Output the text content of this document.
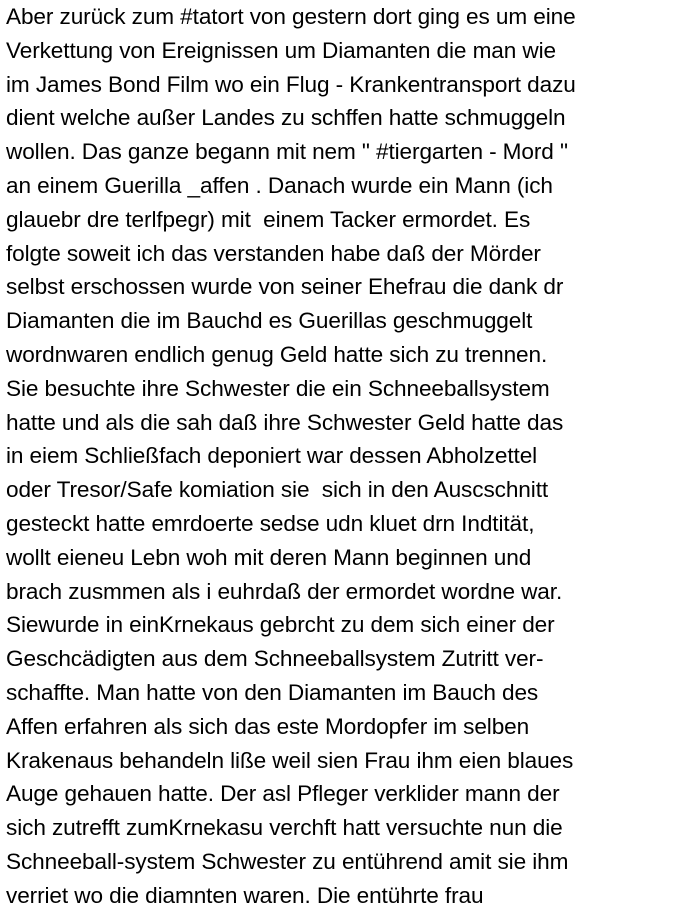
Aber zurück zum #tatort von gestern dort ging es um eine
Verkettung von Ereignissen um Diamanten die man wie
im James Bond Film wo ein Flug - Krankentransport dazu
dient welche außer Landes zu schffen hatte schmuggeln
wollen. Das ganze begann mit nem " #tiergarten - Mord "
an einem Guerilla _affen . Danach wurde ein Mann (ich
glauebr dre terlfpegr) mit  einem Tacker ermordet. Es
folgte soweit ich das verstanden habe daß der Mörder
selbst erschossen wurde von seiner Ehefrau die dank dr
Diamanten die im Bauchd es Guerillas geschmuggelt
wordnwaren endlich genug Geld hatte sich zu trennen.
Sie besuchte ihre Schwester die ein Schneeballsystem
hatte und als die sah daß ihre Schwester Geld hatte das
in eiem Schließfach deponiert war dessen Abholzettel
oder Tresor/Safe komiation sie  sich in den Auscschnitt
gesteckt hatte emrdoerte sedse udn kluet drn Indtität,
wollt eieneu Lebn woh mit deren Mann beginnen und
brach zusmmen als i euhrdaß der ermordet wordne war.
Siewurde in einKrnekaus gebrcht zu dem sich einer der
Geschcädigten aus dem Schneeballsystem Zutritt ver-
schaffte. Man hatte von den Diamanten im Bauch des
Affen erfahren als sich das este Mordopfer im selben
Krakenaus behandeln liße weil sien Frau ihm eien blaues
Auge gehauen hatte. Der asl Pfleger verklider mann der
sich zutrefft zumKrnekasu verchft hatt versuchte nun die
Schneeball-system Schwester zu entührend amit sie ihm
verriet wo die diamnten waren. Die entührte frau
